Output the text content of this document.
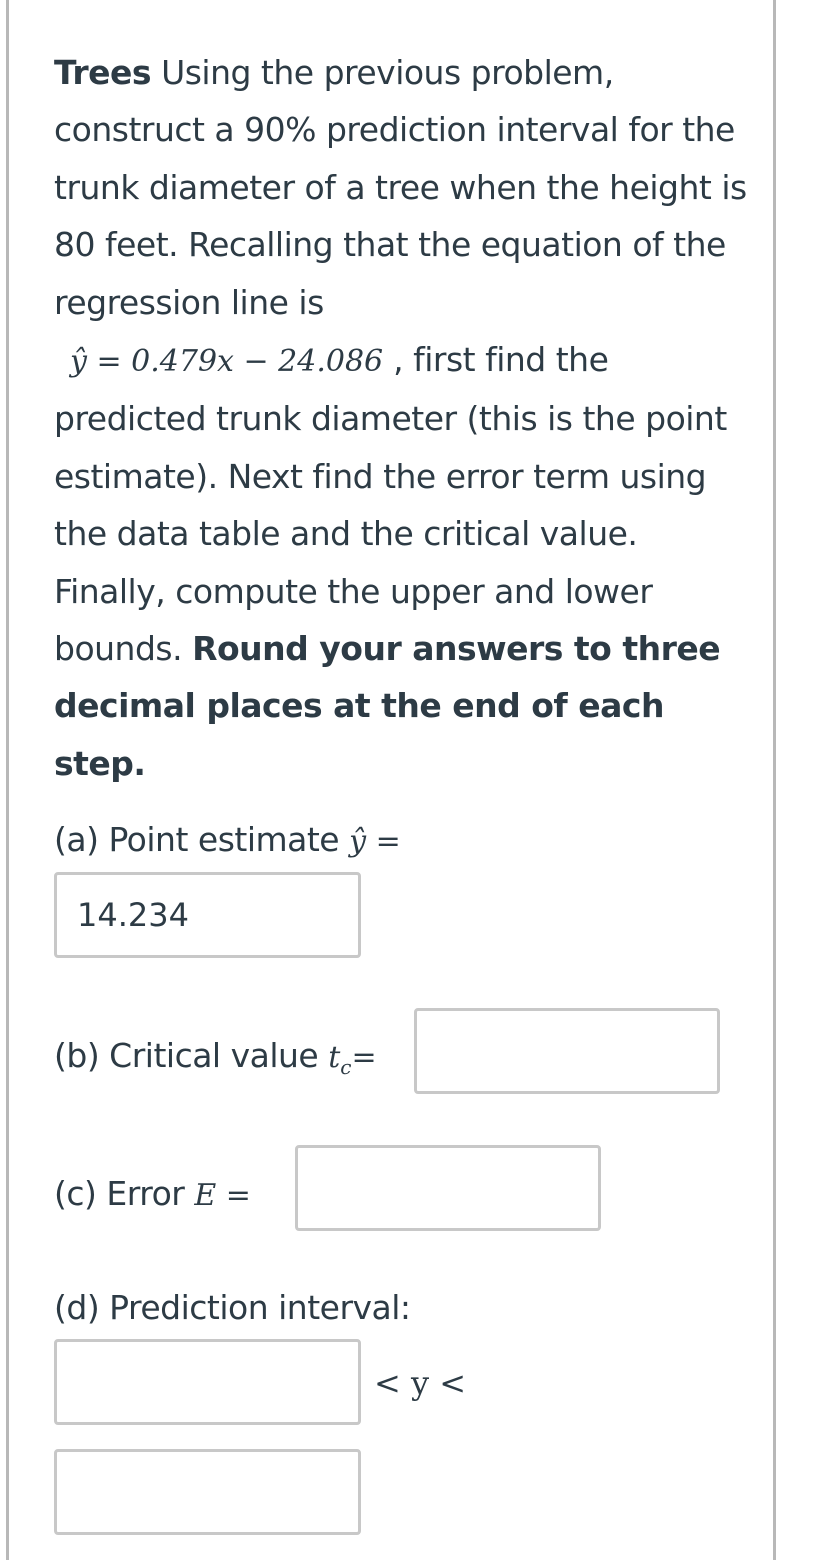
Trees Using the previous problem, construct a 90% prediction interval for the trunk diameter of a tree when the height is 80 feet. Recalling that the equation of the regression line is
ŷ = 0.479x − 24.086 , first find the predicted trunk diameter (this is the point estimate). Next find the error term using the data table and the critical value. Finally, compute the upper and lower bounds. Round your answers to three decimal places at the end of each step.
(a) Point estimate ŷ =
14.234
(b) Critical value $t_c=$
(c) Error E =
(d) Prediction interval:
< y <
